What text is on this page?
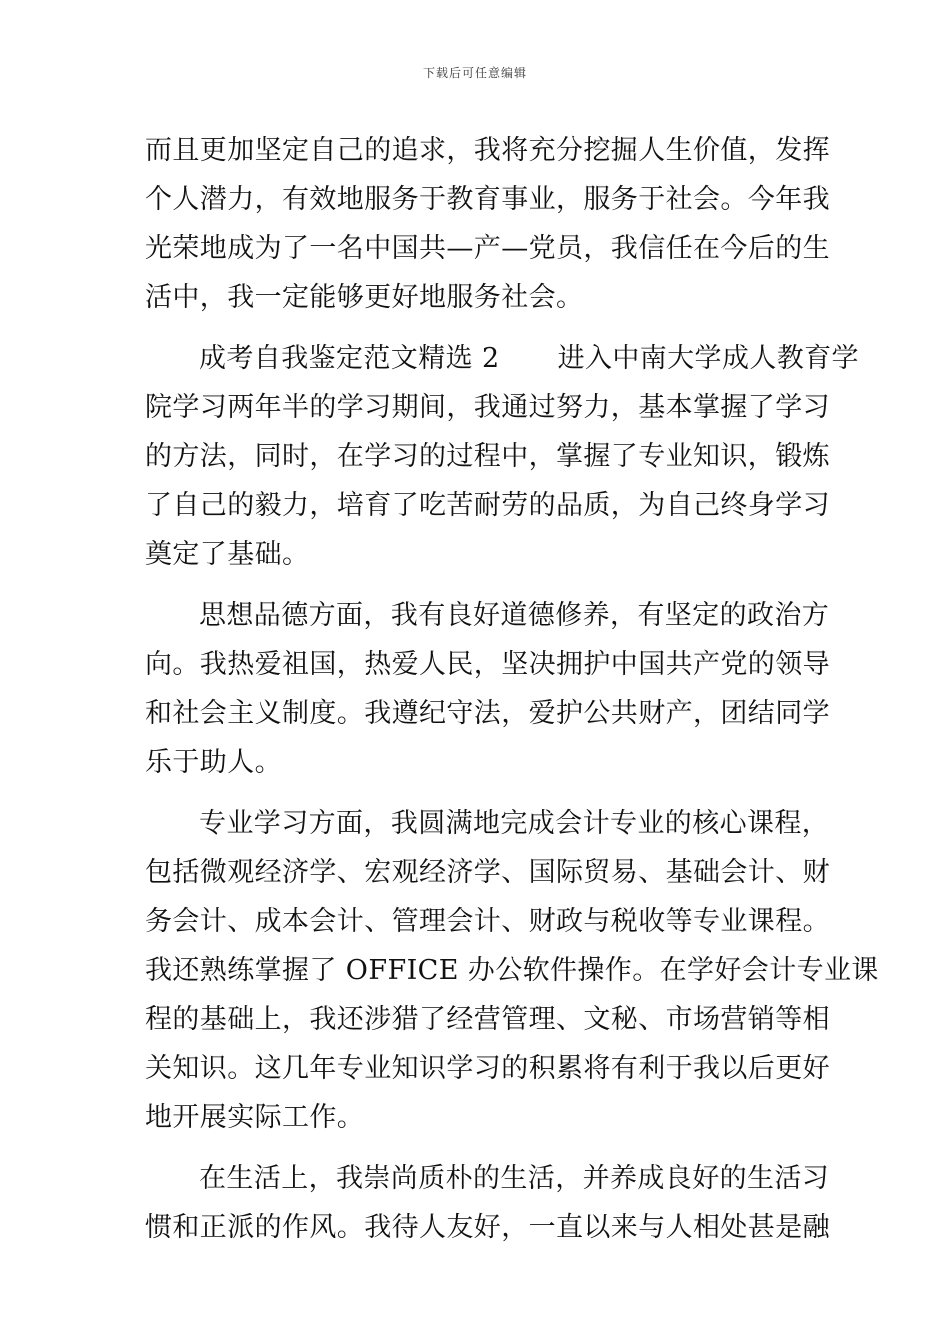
下载后可任意编辑

而且更加坚定自己的追求，我将充分挖掘人生价值，发挥
个人潜力，有效地服务于教育事业，服务于社会。今年我
光荣地成为了一名中国共—产—党员，我信任在今后的生
活中，我一定能够更好地服务社会。

成考自我鉴定范文精选 2 进入中南大学成人教育学
院学习两年半的学习期间，我通过努力，基本掌握了学习
的方法，同时，在学习的过程中，掌握了专业知识，锻炼
了自己的毅力，培育了吃苦耐劳的品质，为自己终身学习
奠定了基础。

思想品德方面，我有良好道德修养，有坚定的政治方
向。我热爱祖国，热爱人民，坚决拥护中国共产党的领导
和社会主义制度。我遵纪守法，爱护公共财产，团结同学
乐于助人。

专业学习方面，我圆满地完成会计专业的核心课程，
包括微观经济学、宏观经济学、国际贸易、基础会计、财
务会计、成本会计、管理会计、财政与税收等专业课程。
我还熟练掌握了 OFFICE 办公软件操作。在学好会计专业课
程的基础上，我还涉猎了经营管理、文秘、市场营销等相
关知识。这几年专业知识学习的积累将有利于我以后更好
地开展实际工作。

在生活上，我崇尚质朴的生活，并养成良好的生活习
惯和正派的作风。我待人友好，一直以来与人相处甚是融
